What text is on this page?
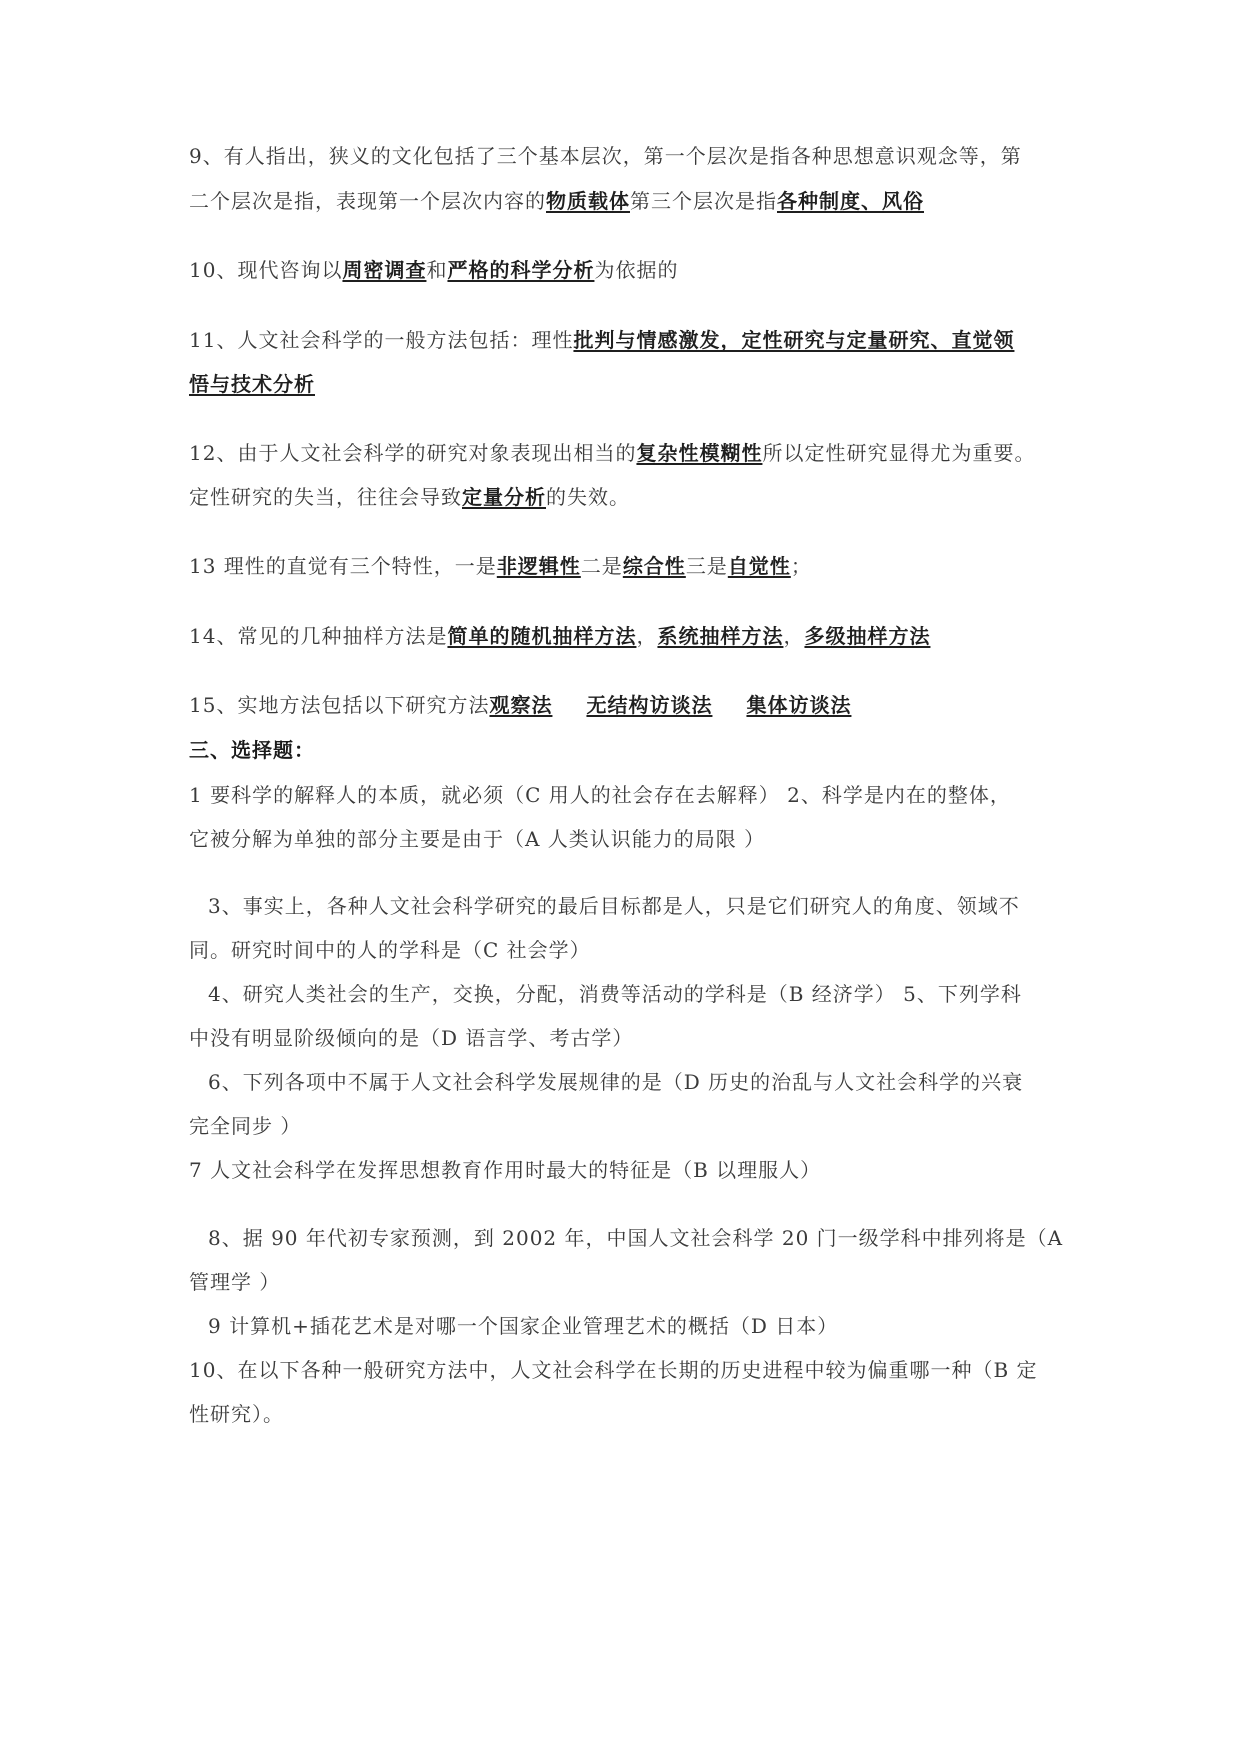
9、有人指出，狭义的文化包括了三个基本层次，第一个层次是指各种思想意识观念等，第
二个层次是指，表现第一个层次内容的物质载体第三个层次是指各种制度、风俗
10、现代咨询以周密调查和严格的科学分析为依据的
11、人文社会科学的一般方法包括：理性批判与情感激发，定性研究与定量研究、直觉领
悟与技术分析
12、由于人文社会科学的研究对象表现出相当的复杂性模糊性所以定性研究显得尤为重要。
定性研究的失当，往往会导致定量分析的失效。
13 理性的直觉有三个特性，一是非逻辑性二是综合性三是自觉性；
14、常见的几种抽样方法是简单的随机抽样方法，系统抽样方法，多级抽样方法
15、实地方法包括以下研究方法观察法 无结构访谈法 集体访谈法
三、选择题：
1 要科学的解释人的本质，就必须（C 用人的社会存在去解释） 2、科学是内在的整体，
它被分解为单独的部分主要是由于（A 人类认识能力的局限 ）
3、事实上，各种人文社会科学研究的最后目标都是人，只是它们研究人的角度、领域不
同。研究时间中的人的学科是（C 社会学）
4、研究人类社会的生产，交换，分配，消费等活动的学科是（B 经济学） 5、下列学科
中没有明显阶级倾向的是（D 语言学、考古学）
6、下列各项中不属于人文社会科学发展规律的是（D 历史的治乱与人文社会科学的兴衰
完全同步 ）
7 人文社会科学在发挥思想教育作用时最大的特征是（B 以理服人）
8、据 90 年代初专家预测，到 2002 年，中国人文社会科学 20 门一级学科中排列将是（A
管理学 ）
9 计算机+插花艺术是对哪一个国家企业管理艺术的概括（D 日本）
10、在以下各种一般研究方法中，人文社会科学在长期的历史进程中较为偏重哪一种（B 定
性研究）。
